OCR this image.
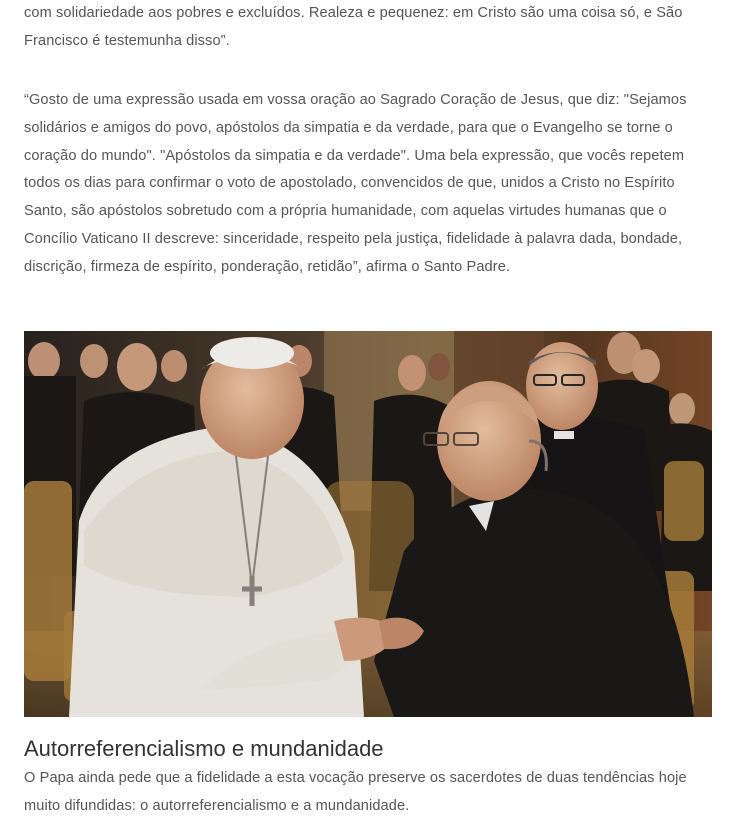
com solidariedade aos pobres e excluídos. Realeza e pequenez: em Cristo são uma coisa só, e São Francisco é testemunha disso”.

“Gosto de uma expressão usada em vossa oração ao Sagrado Coração de Jesus, que diz: "Sejamos solidários e amigos do povo, apóstolos da simpatia e da verdade, para que o Evangelho se torne o coração do mundo". "Apóstolos da simpatia e da verdade". Uma bela expressão, que vocês repetem todos os dias para confirmar o voto de apostolado, convencidos de que, unidos a Cristo no Espírito Santo, são apóstolos sobretudo com a própria humanidade, com aquelas virtudes humanas que o Concílio Vaticano II descreve: sinceridade, respeito pela justiça, fidelidade à palavra dada, bondade, discrição, firmeza de espírito, ponderação, retidão”, afirma o Santo Padre.

Autorreferencialismo e mundanidade

O Papa ainda pede que a fidelidade a esta vocação preserve os sacerdotes de duas tendências hoje muito difundidas: o autorreferencialismo e a mundanidade.
